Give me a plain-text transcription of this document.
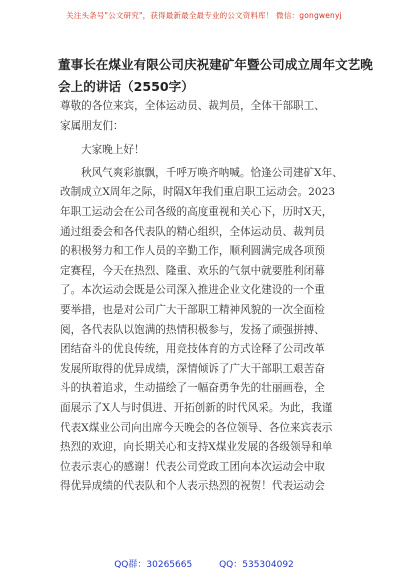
关注头条号"公文研究"，获得最新最全最专业的公文资料库！ 微信：gongwenyj
董事长在煤业有限公司庆祝建矿年暨公司成立周年文艺晚
会上的讲话（2550字）
尊敬的各位来宾，全体运动员、裁判员，全体干部职工、
家属朋友们：
大家晚上好！

秋风气爽彩旗飘，千呼万唤齐呐喊。恰逢公司建矿X年、
改制成立X周年之际，时隔X年我们重启职工运动会。2023
年职工运动会在公司各级的高度重视和关心下，历时X天，
通过组委会和各代表队的精心组织，全体运动员、裁判员
的积极努力和工作人员的辛勤工作，顺利圆满完成各项预
定赛程，今天在热烈、隆重、欢乐的气氛中就要胜利闭幕
了。本次运动会既是公司深入推进企业文化建设的一个重
要举措，也是对公司广大干部职工精神风貌的一次全面检
阅，各代表队以饱满的热情积极参与，发扬了顽强拼搏、
团结奋斗的优良传统，用竞技体育的方式诠释了公司改革
发展所取得的优异成绩，深情倾诉了广大干部职工艰苦奋
斗的执着追求，生动描绘了一幅奋勇争先的壮丽画卷，全
面展示了X人与时俱进、开拓创新的时代风采。为此，我谨
代表X煤业公司向出席今天晚会的各位领导、各位来宾表示
热烈的欢迎，向长期关心和支持X煤业发展的各级领导和单
位表示衷心的感谢！代表公司党政工团向本次运动会中取
得优异成绩的代表队和个人表示热烈的祝贺！代表运动会

QQ群：30265665	QQ：535304092
